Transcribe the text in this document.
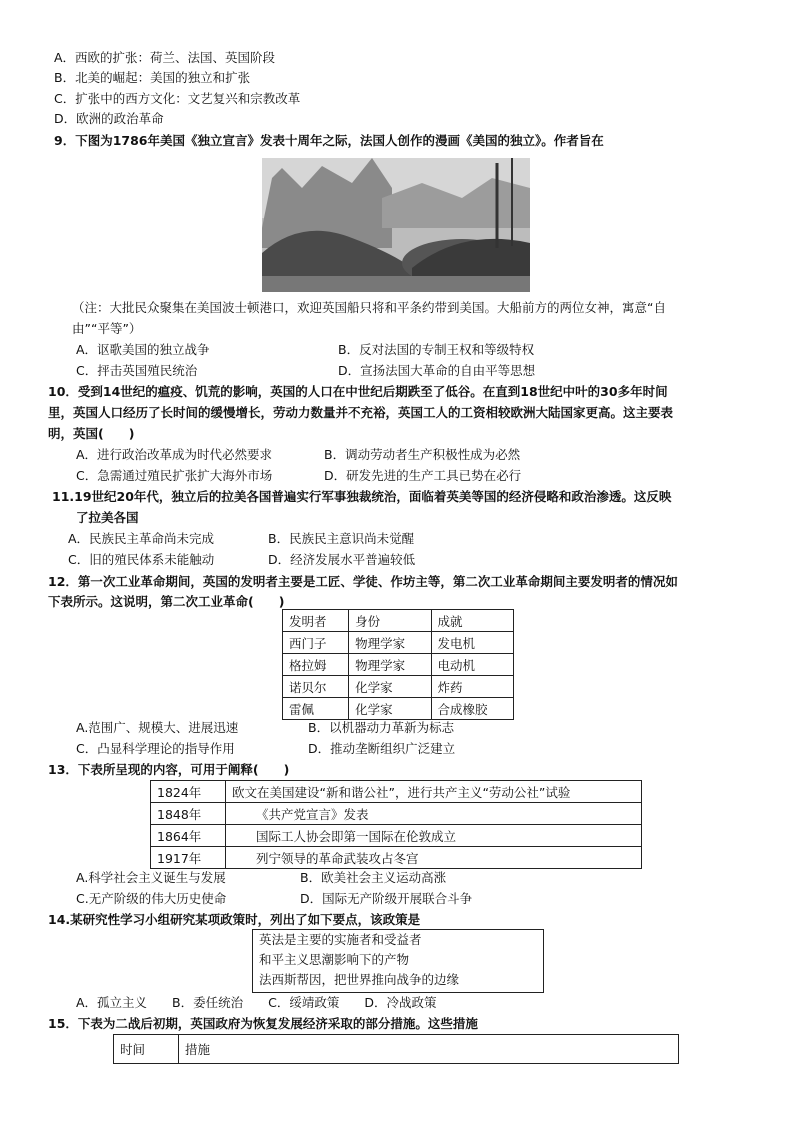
A．西欧的扩张：荷兰、法国、英国阶段
B．北美的崛起：美国的独立和扩张
C．扩张中的西方文化：文艺复兴和宗教改革
D．欧洲的政治革命
9．下图为1786年美国《独立宣言》发表十周年之际，法国人创作的漫画《美国的独立》。作者旨在
（注：大批民众聚集在美国波士顿港口，欢迎英国船只将和平条约带到美国。大船前方的两位女神，寓意“自
由”“平等”）
A．讴歌美国的独立战争	B．反对法国的专制王权和等级特权
C．抨击英国殖民统治	D．宣扬法国大革命的自由平等思想
10．受到14世纪的瘟疫、饥荒的影响，英国的人口在中世纪后期跌至了低谷。在直到18世纪中叶的30多年时间
里，英国人口经历了长时间的缓慢增长，劳动力数量并不充裕，英国工人的工资相较欧洲大陆国家更高。这主要表
明，英国(　　)
A．进行政治改革成为时代必然要求	B．调动劳动者生产积极性成为必然
C．急需通过殖民扩张扩大海外市场	D．研发先进的生产工具已势在必行
11.19世纪20年代，独立后的拉美各国普遍实行军事独裁统治，面临着英美等国的经济侵略和政治渗透。这反映
了拉美各国
A．民族民主革命尚未完成	B．民族民主意识尚未觉醒
C．旧的殖民体系未能触动	D．经济发展水平普遍较低
12．第一次工业革命期间，英国的发明者主要是工匠、学徒、作坊主等，第二次工业革命期间主要发明者的情况如
下表所示。这说明，第二次工业革命(　　)
发明者	身份	成就
西门子	物理学家	发电机
格拉姆	物理学家	电动机
诺贝尔	化学家	炸药
雷佩	化学家	合成橡胶
A.范围广、规模大、进展迅速	B．以机器动力革新为标志
C．凸显科学理论的指导作用	D．推动垄断组织广泛建立
13．下表所呈现的内容，可用于阐释(　　)
1824年	欧文在美国建设“新和谐公社”，进行共产主义“劳动公社”试验
1848年	《共产党宣言》发表
1864年	国际工人协会即第一国际在伦敦成立
1917年	列宁领导的革命武装攻占冬宫
A.科学社会主义诞生与发展	B．欧美社会主义运动高涨
C.无产阶级的伟大历史使命	D．国际无产阶级开展联合斗争
14.某研究性学习小组研究某项政策时，列出了如下要点，该政策是
英法是主要的实施者和受益者
和平主义思潮影响下的产物
法西斯帮因，把世界推向战争的边缘
A．孤立主义　　B．委任统治　　C．绥靖政策　　D．冷战政策
15．下表为二战后初期，英国政府为恢复发展经济采取的部分措施。这些措施
时间	措施
